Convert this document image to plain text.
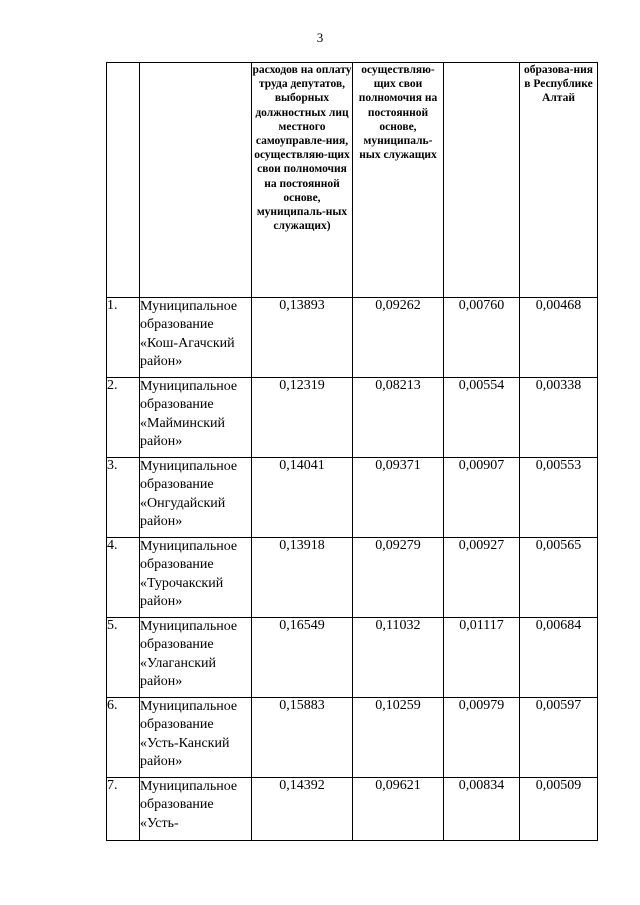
3
		расходов на оплату труда депутатов, выборных должностных лиц местного самоуправле-ния, осуществляю-щих свои полномочия на постоянной основе, муниципаль-ных служащих)	осуществляю-щих свои полномочия на постоянной основе, муниципаль-ных служащих		образова-ния в Республике Алтай
1.	Муниципальное
образование
«Кош-Агачский
район»	0,13893	0,09262	0,00760	0,00468
2.	Муниципальное
образование
«Майминский
район»	0,12319	0,08213	0,00554	0,00338
3.	Муниципальное
образование
«Онгудайский
район»	0,14041	0,09371	0,00907	0,00553
4.	Муниципальное
образование
«Турочакский
район»	0,13918	0,09279	0,00927	0,00565
5.	Муниципальное
образование
«Улаганский
район»	0,16549	0,11032	0,01117	0,00684
6.	Муниципальное
образование
«Усть-Канский
район»	0,15883	0,10259	0,00979	0,00597
7.	Муниципальное
образование
«Усть-	0,14392	0,09621	0,00834	0,00509
